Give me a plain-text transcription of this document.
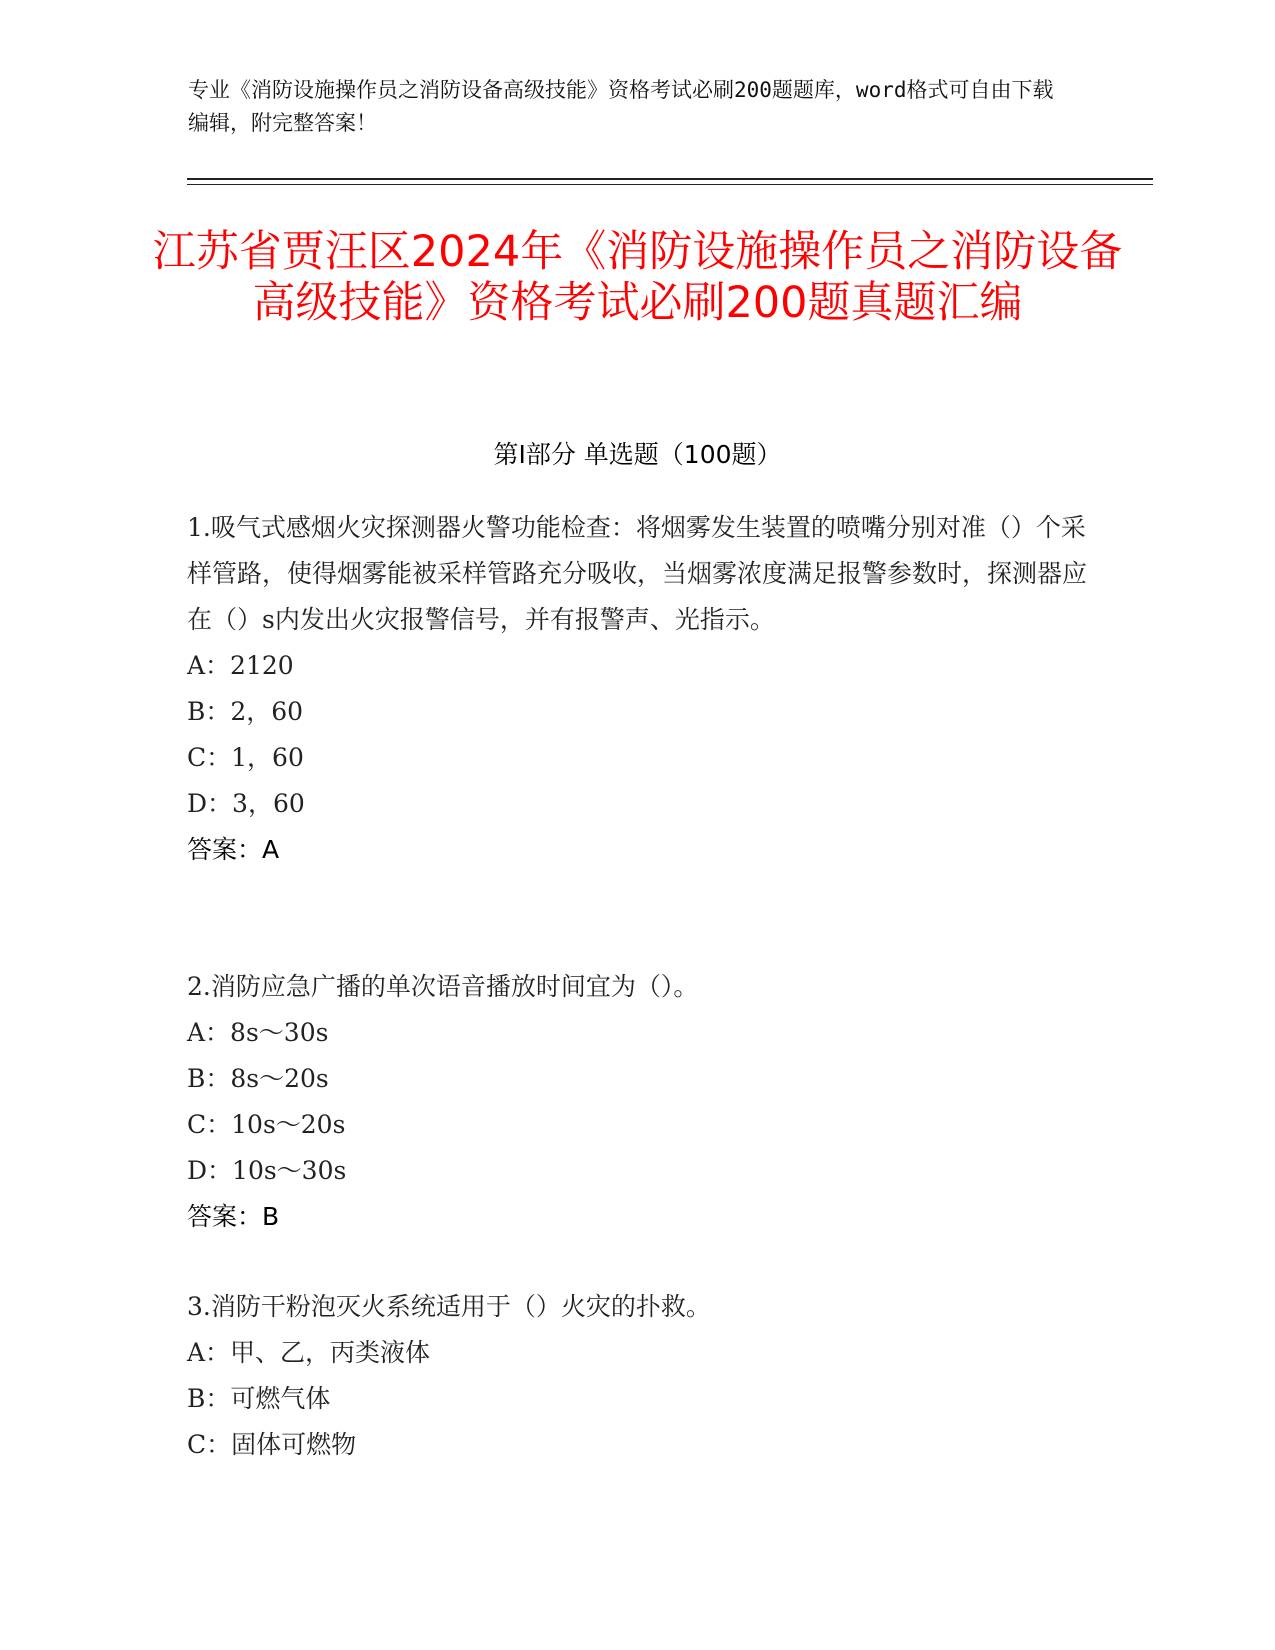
专业《消防设施操作员之消防设备高级技能》资格考试必刷200题题库，word格式可自由下载编辑，附完整答案！
江苏省贾汪区2024年《消防设施操作员之消防设备高级技能》资格考试必刷200题真题汇编
第Ⅰ部分 单选题（100题）

1.吸气式感烟火灾探测器火警功能检查：将烟雾发生装置的喷嘴分别对准（）个采样管路，使得烟雾能被采样管路充分吸收，当烟雾浓度满足报警参数时，探测器应在（）s内发出火灾报警信号，并有报警声、光指示。

A：2120

B：2，60

C：1，60

D：3，60

答案：A

2.消防应急广播的单次语音播放时间宜为（）。

A：8s～30s

B：8s～20s

C：10s～20s

D：10s～30s

答案：B

3.消防干粉泡灭火系统适用于（）火灾的扑救。

A：甲、乙，丙类液体

B：可燃气体

C：固体可燃物
